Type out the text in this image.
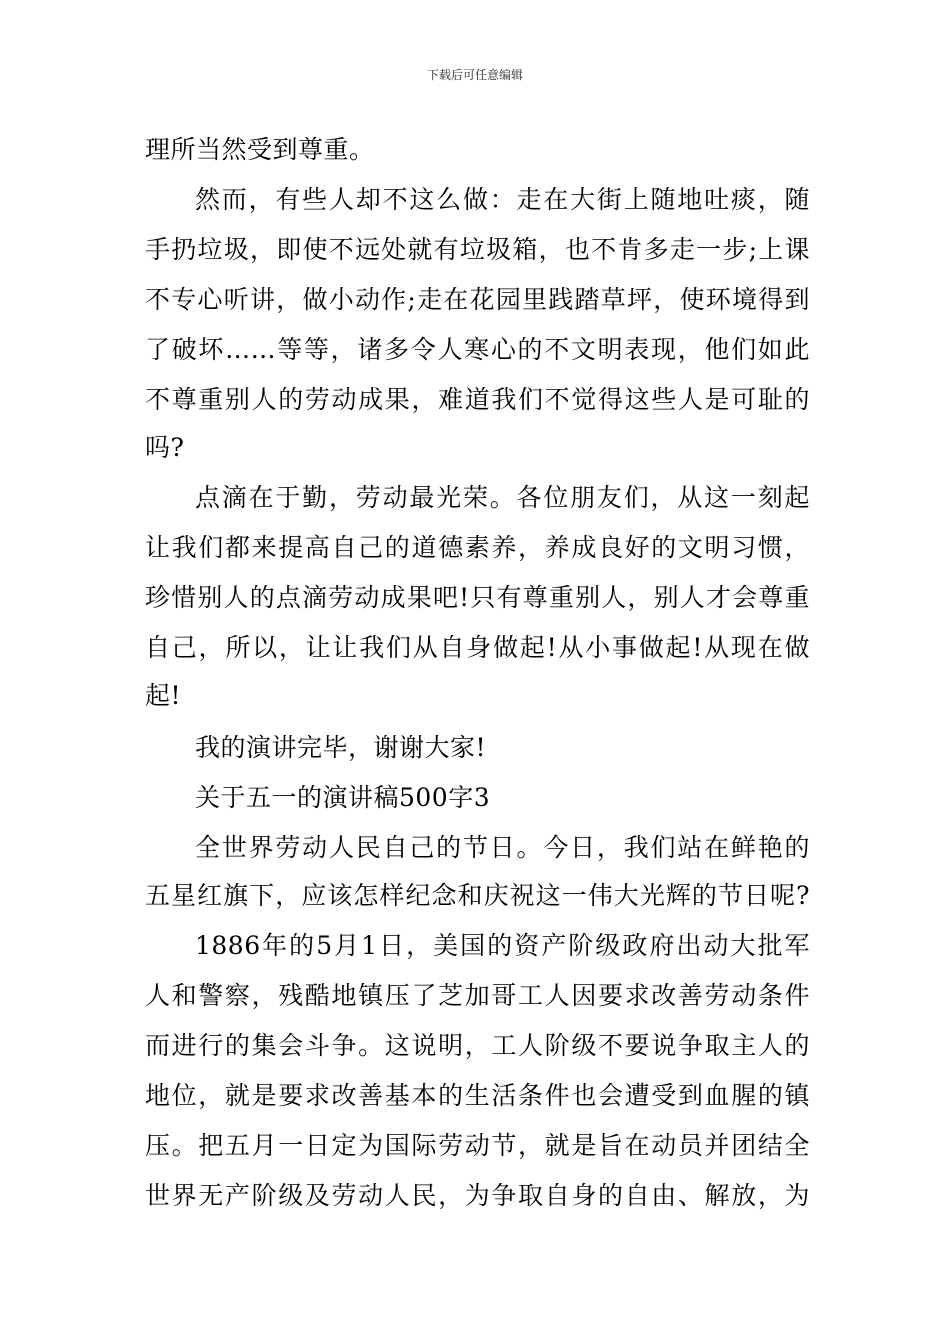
下载后可任意编辑
理所当然受到尊重。
然而，有些人却不这么做：走在大街上随地吐痰，随
手扔垃圾，即使不远处就有垃圾箱，也不肯多走一步;上课
不专心听讲，做小动作;走在花园里践踏草坪，使环境得到
了破坏……等等，诸多令人寒心的不文明表现，他们如此
不尊重别人的劳动成果，难道我们不觉得这些人是可耻的
吗?
点滴在于勤，劳动最光荣。各位朋友们，从这一刻起
让我们都来提高自己的道德素养，养成良好的文明习惯，
珍惜别人的点滴劳动成果吧!只有尊重别人，别人才会尊重
自己，所以，让让我们从自身做起!从小事做起!从现在做
起!
我的演讲完毕，谢谢大家!
关于五一的演讲稿500字3
全世界劳动人民自己的节日。今日，我们站在鲜艳的
五星红旗下，应该怎样纪念和庆祝这一伟大光辉的节日呢?
1886年的5月1日，美国的资产阶级政府出动大批军
人和警察，残酷地镇压了芝加哥工人因要求改善劳动条件
而进行的集会斗争。这说明，工人阶级不要说争取主人的
地位，就是要求改善基本的生活条件也会遭受到血腥的镇
压。把五月一日定为国际劳动节，就是旨在动员并团结全
世界无产阶级及劳动人民，为争取自身的自由、解放，为
